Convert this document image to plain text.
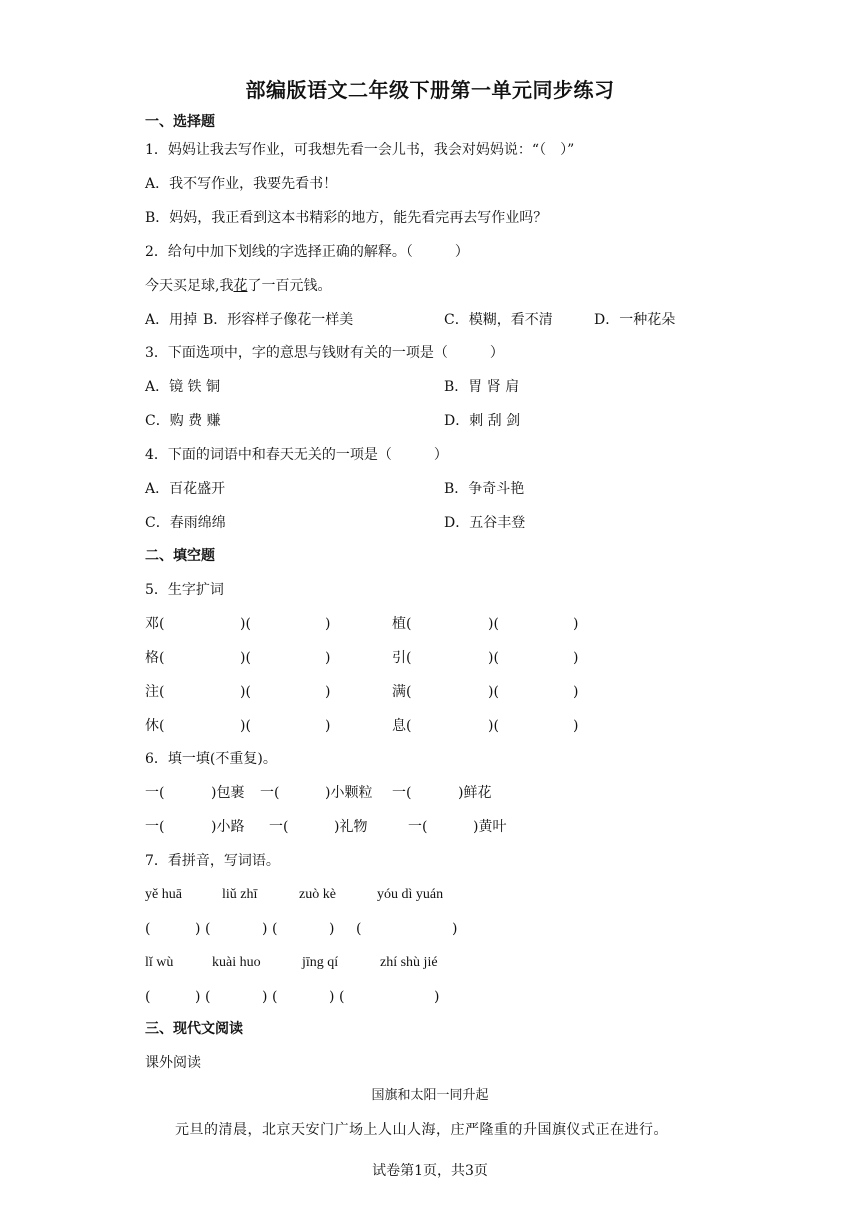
部编版语文二年级下册第一单元同步练习
一、选择题
1．妈妈让我去写作业，可我想先看一会儿书，我会对妈妈说：“（　）”
A．我不写作业，我要先看书！
B．妈妈，我正看到这本书精彩的地方，能先看完再去写作业吗？
2．给句中加下划线的字选择正确的解释。（　　　）
今天买足球,我花了一百元钱。
A．用掉 B．形容样子像花一样美	C．模糊，看不清	D．一种花朵
3．下面选项中，字的意思与钱财有关的一项是（　　　）
A．镜 铁 铜	B．胃 肾 肩
C．购 费 赚	D．刺 刮 剑
4．下面的词语中和春天无关的一项是（　　　）
A．百花盛开	B．争奇斗艳
C．春雨绵绵	D．五谷丰登
二、填空题
5．生字扩词
邓(	)(	)	植(	)(	)
格(	)(	)	引(	)(	)
注(	)(	)	满(	)(	)
休(	)(	)	息(	)(	)
6．填一填(不重复)。
一(	)包裹 一(	)小颗粒 一(	)鲜花
一(	)小路 一(	)礼物	一(	)黄叶
7．看拼音，写词语。
yě huā	liǔ zhī	zuò kè	yóu dì yuán
(	) (	) (	) (	)
lǐ wù	kuài huo	jīng qí	zhí shù jié
(	) (	) (	) (	)
三、现代文阅读
课外阅读
国旗和太阳一同升起
元旦的清晨，北京天安门广场上人山人海，庄严隆重的升国旗仪式正在进行。
试卷第1页，共3页
